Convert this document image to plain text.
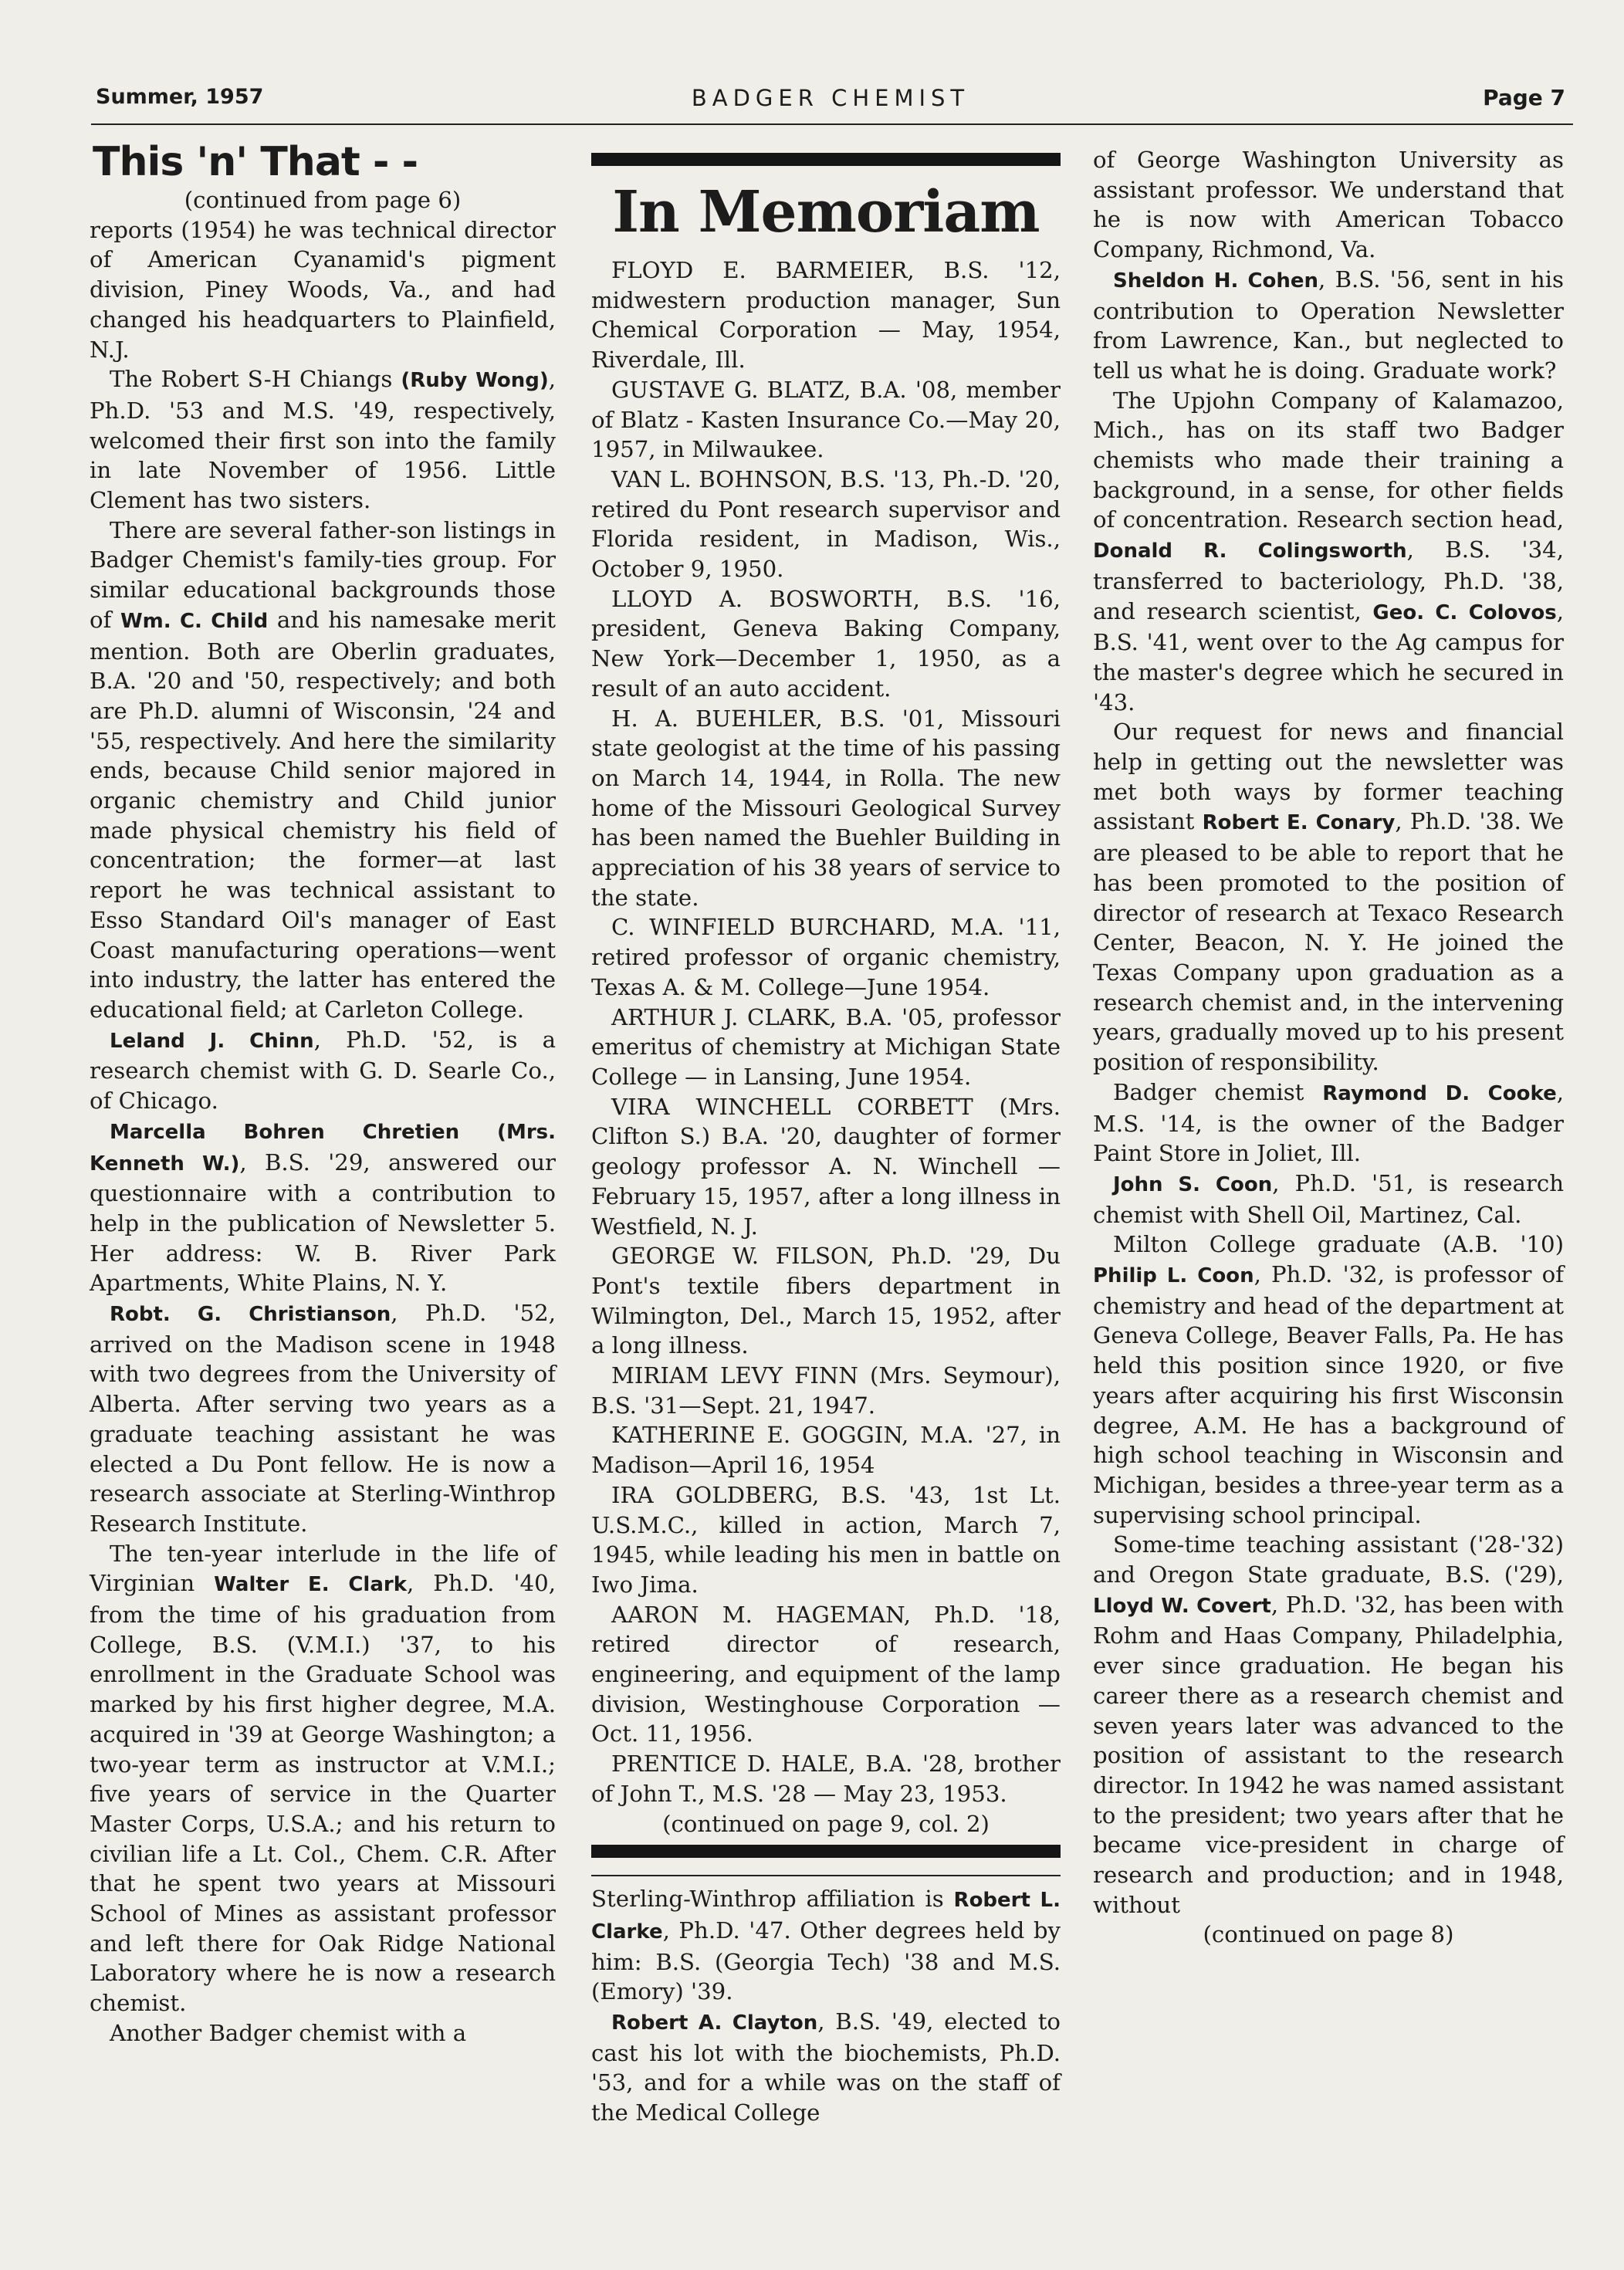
Summer, 1957	BADGER CHEMIST	Page 7
This 'n' That - -

(continued from page 6)

reports (1954) he was technical director of American Cyanamid's pigment division, Piney Woods, Va., and had changed his headquarters to Plainfield, N.J.

The Robert S-H Chiangs (Ruby Wong), Ph.D. '53 and M.S. '49, respectively, welcomed their first son into the family in late November of 1956. Little Clement has two sisters.

There are several father-son listings in Badger Chemist's family-ties group. For similar educational backgrounds those of Wm. C. Child and his namesake merit mention. Both are Oberlin graduates, B.A. '20 and '50, respectively; and both are Ph.D. alumni of Wisconsin, '24 and '55, respectively. And here the similarity ends, because Child senior majored in organic chemistry and Child junior made physical chemistry his field of concentration; the former—at last report he was technical assistant to Esso Standard Oil's manager of East Coast manufacturing operations—went into industry, the latter has entered the educational field; at Carleton College.

Leland J. Chinn, Ph.D. '52, is a research chemist with G. D. Searle Co., of Chicago.

Marcella Bohren Chretien (Mrs. Kenneth W.), B.S. '29, answered our questionnaire with a contribution to help in the publication of Newsletter 5. Her address: W. B. River Park Apartments, White Plains, N. Y.

Robt. G. Christianson, Ph.D. '52, arrived on the Madison scene in 1948 with two degrees from the University of Alberta. After serving two years as a graduate teaching assistant he was elected a Du Pont fellow. He is now a research associate at Sterling-Winthrop Research Institute.

The ten-year interlude in the life of Virginian Walter E. Clark, Ph.D. '40, from the time of his graduation from College, B.S. (V.M.I.) '37, to his enrollment in the Graduate School was marked by his first higher degree, M.A. acquired in '39 at George Washington; a two-year term as instructor at V.M.I.; five years of service in the Quarter Master Corps, U.S.A.; and his return to civilian life a Lt. Col., Chem. C.R. After that he spent two years at Missouri School of Mines as assistant professor and left there for Oak Ridge National Laboratory where he is now a research chemist.

Another Badger chemist with a

In Memoriam

FLOYD E. BARMEIER, B.S. '12, midwestern production manager, Sun Chemical Corporation — May, 1954, Riverdale, Ill.

GUSTAVE G. BLATZ, B.A. '08, member of Blatz - Kasten Insurance Co.—May 20, 1957, in Milwaukee.

VAN L. BOHNSON, B.S. '13, Ph.-D. '20, retired du Pont research supervisor and Florida resident, in Madison, Wis., October 9, 1950.

LLOYD A. BOSWORTH, B.S. '16, president, Geneva Baking Company, New York—December 1, 1950, as a result of an auto accident.

H. A. BUEHLER, B.S. '01, Missouri state geologist at the time of his passing on March 14, 1944, in Rolla. The new home of the Missouri Geological Survey has been named the Buehler Building in appreciation of his 38 years of service to the state.

C. WINFIELD BURCHARD, M.A. '11, retired professor of organic chemistry, Texas A. & M. College—June 1954.

ARTHUR J. CLARK, B.A. '05, professor emeritus of chemistry at Michigan State College — in Lansing, June 1954.

VIRA WINCHELL CORBETT (Mrs. Clifton S.) B.A. '20, daughter of former geology professor A. N. Winchell — February 15, 1957, after a long illness in Westfield, N. J.

GEORGE W. FILSON, Ph.D. '29, Du Pont's textile fibers department in Wilmington, Del., March 15, 1952, after a long illness.

MIRIAM LEVY FINN (Mrs. Seymour), B.S. '31—Sept. 21, 1947.

KATHERINE E. GOGGIN, M.A. '27, in Madison—April 16, 1954

IRA GOLDBERG, B.S. '43, 1st Lt. U.S.M.C., killed in action, March 7, 1945, while leading his men in battle on Iwo Jima.

AARON M. HAGEMAN, Ph.D. '18, retired director of research, engineering, and equipment of the lamp division, Westinghouse Corporation —Oct. 11, 1956.

PRENTICE D. HALE, B.A. '28, brother of John T., M.S. '28 — May 23, 1953.

(continued on page 9, col. 2)

Sterling-Winthrop affiliation is Robert L. Clarke, Ph.D. '47. Other degrees held by him: B.S. (Georgia Tech) '38 and M.S. (Emory) '39.

Robert A. Clayton, B.S. '49, elected to cast his lot with the biochemists, Ph.D. '53, and for a while was on the staff of the Medical College

of George Washington University as assistant professor. We understand that he is now with American Tobacco Company, Richmond, Va.

Sheldon H. Cohen, B.S. '56, sent in his contribution to Operation Newsletter from Lawrence, Kan., but neglected to tell us what he is doing. Graduate work?

The Upjohn Company of Kalamazoo, Mich., has on its staff two Badger chemists who made their training a background, in a sense, for other fields of concentration. Research section head, Donald R. Colingsworth, B.S. '34, transferred to bacteriology, Ph.D. '38, and research scientist, Geo. C. Colovos, B.S. '41, went over to the Ag campus for the master's degree which he secured in '43.

Our request for news and financial help in getting out the newsletter was met both ways by former teaching assistant Robert E. Conary, Ph.D. '38. We are pleased to be able to report that he has been promoted to the position of director of research at Texaco Research Center, Beacon, N. Y. He joined the Texas Company upon graduation as a research chemist and, in the intervening years, gradually moved up to his present position of responsibility.

Badger chemist Raymond D. Cooke, M.S. '14, is the owner of the Badger Paint Store in Joliet, Ill.

John S. Coon, Ph.D. '51, is research chemist with Shell Oil, Martinez, Cal.

Milton College graduate (A.B. '10) Philip L. Coon, Ph.D. '32, is professor of chemistry and head of the department at Geneva College, Beaver Falls, Pa. He has held this position since 1920, or five years after acquiring his first Wisconsin degree, A.M. He has a background of high school teaching in Wisconsin and Michigan, besides a three-year term as a supervising school principal.

Some-time teaching assistant ('28-'32) and Oregon State graduate, B.S. ('29), Lloyd W. Covert, Ph.D. '32, has been with Rohm and Haas Company, Philadelphia, ever since graduation. He began his career there as a research chemist and seven years later was advanced to the position of assistant to the research director. In 1942 he was named assistant to the president; two years after that he became vice-president in charge of research and production; and in 1948, without

(continued on page 8)
